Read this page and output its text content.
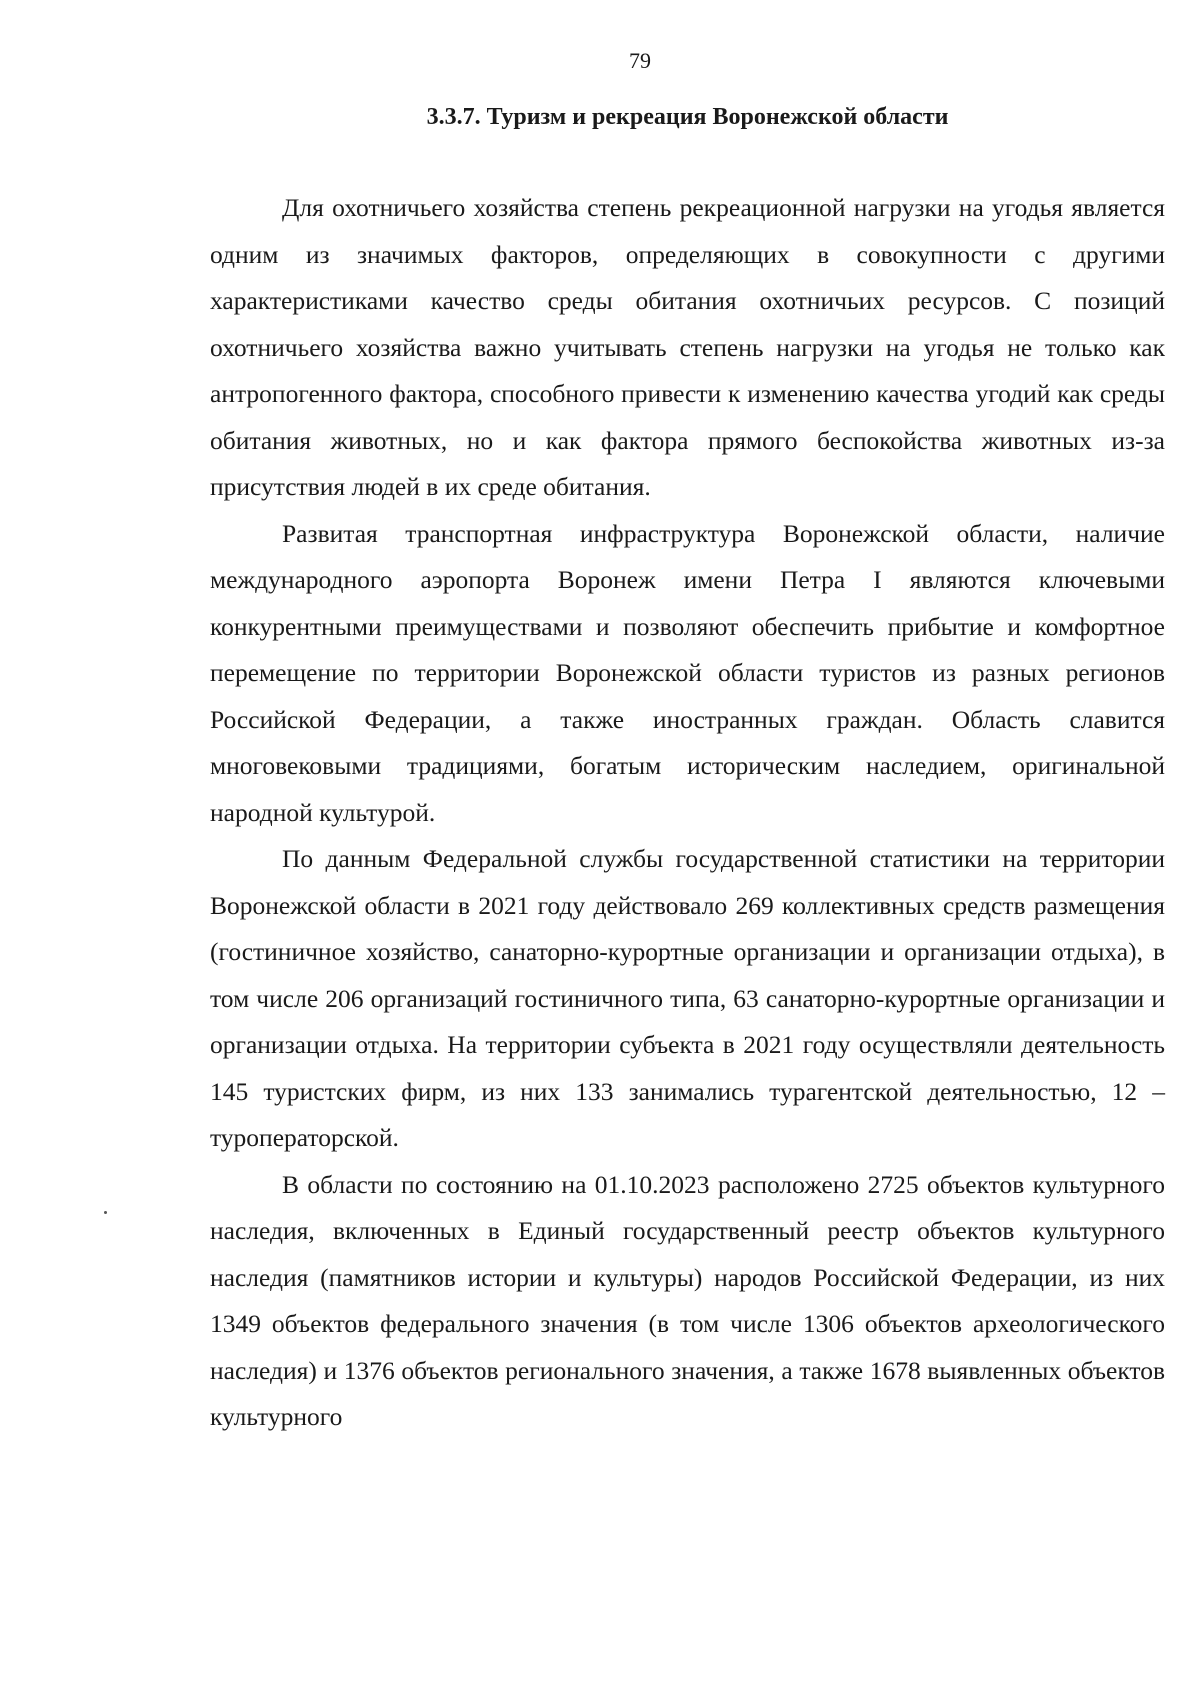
79
3.3.7. Туризм и рекреация Воронежской области

Для охотничьего хозяйства степень рекреационной нагрузки на угодья является одним из значимых факторов, определяющих в совокупности с другими характеристиками качество среды обитания охотничьих ресурсов. С позиций охотничьего хозяйства важно учитывать степень нагрузки на угодья не только как антропогенного фактора, способного привести к изменению качества угодий как среды обитания животных, но и как фактора прямого беспокойства животных из-за присутствия людей в их среде обитания.

Развитая транспортная инфраструктура Воронежской области, наличие международного аэропорта Воронеж имени Петра I являются ключевыми конкурентными преимуществами и позволяют обеспечить прибытие и комфортное перемещение по территории Воронежской области туристов из разных регионов Российской Федерации, а также иностранных граждан. Область славится многовековыми традициями, богатым историческим наследием, оригинальной народной культурой.

По данным Федеральной службы государственной статистики на территории Воронежской области в 2021 году действовало 269 коллективных средств размещения (гостиничное хозяйство, санаторно-курортные организации и организации отдыха), в том числе 206 организаций гостиничного типа, 63 санаторно-курортные организации и организации отдыха. На территории субъекта в 2021 году осуществляли деятельность 145 туристских фирм, из них 133 занимались турагентской деятельностью, 12 – туроператорской.

В области по состоянию на 01.10.2023 расположено 2725 объектов культурного наследия, включенных в Единый государственный реестр объектов культурного наследия (памятников истории и культуры) народов Российской Федерации, из них 1349 объектов федерального значения (в том числе 1306 объектов археологического наследия) и 1376 объектов регионального значения, а также 1678 выявленных объектов культурного
